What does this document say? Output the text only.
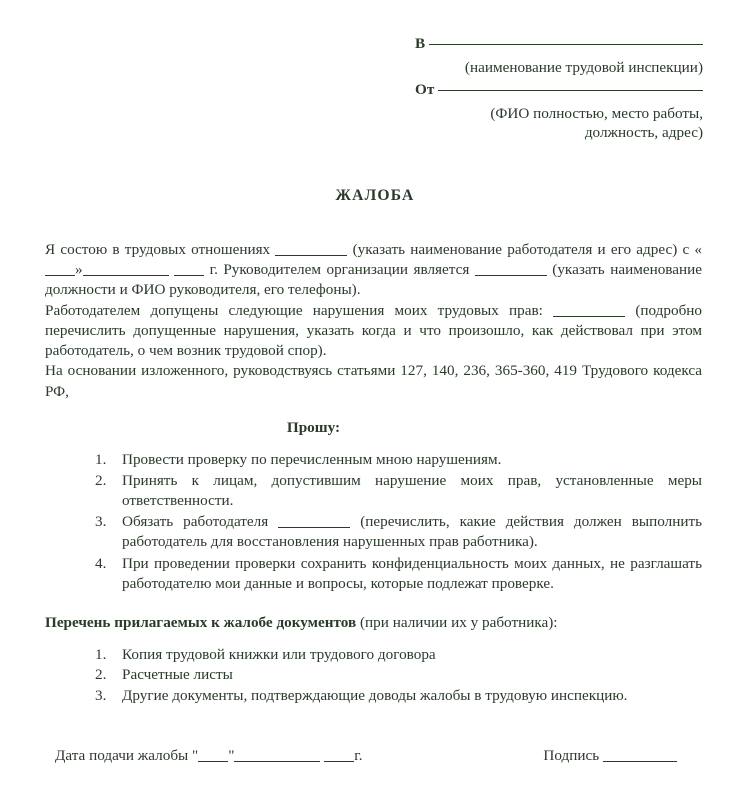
В
(наименование трудовой инспекции)
От
(ФИО полностью, место работы,
должность, адрес)
ЖАЛОБА

Я состою в трудовых отношениях	(указать наименование работодателя и его адрес) с «»	г. Руководителем организации является	(указать наименование должности и ФИО руководителя, его телефоны).

Работодателем допущены следующие нарушения моих трудовых прав:	(подробно перечислить допущенные нарушения, указать когда и что произошло, как действовал при этом работодатель, о чем возник трудовой спор).

На основании изложенного, руководствуясь статьями 127, 140, 236, 365-360, 419 Трудового кодекса РФ,

Прошу:

Провести проверку по перечисленным мною нарушениям.
Принять к лицам, допустившим нарушение моих прав, установленные меры ответственности.
Обязать работодателя	(перечислить, какие действия должен выполнить работодатель для восстановления нарушенных прав работника).
При проведении проверки сохранить конфиденциальность моих данных, не разглашать работодателю мои данные и вопросы, которые подлежат проверке.

Перечень прилагаемых к жалобе документов (при наличии их у работника):

Копия трудовой книжки или трудового договора
Расчетные листы
Другие документы, подтверждающие доводы жалобы в трудовую инспекцию.
Дата подачи жалобы " "	г.	Подпись
